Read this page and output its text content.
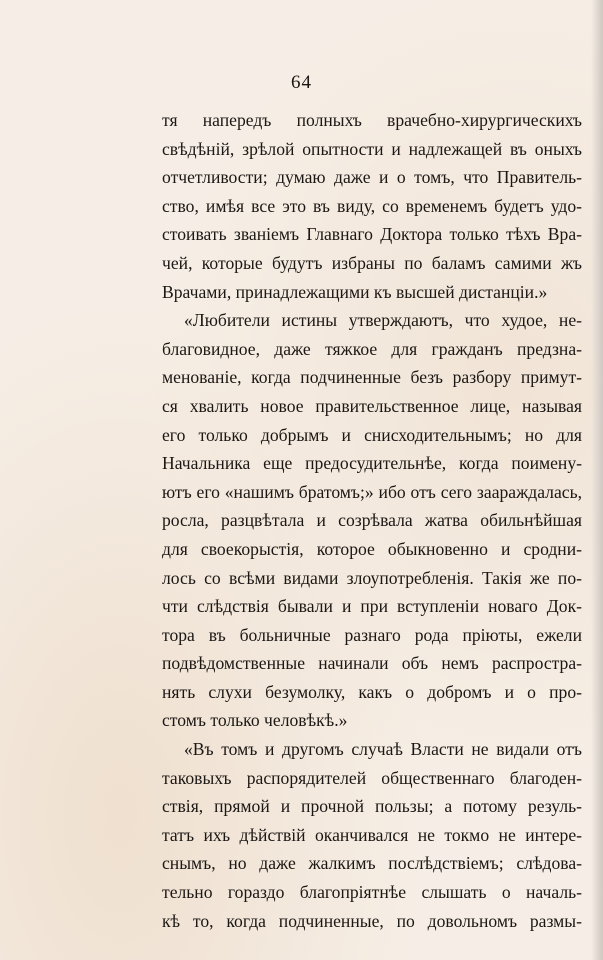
64
тя напередъ полныхъ врачебно-хирургическихъ
свѣдѣній, зрѣлой опытности и надлежащей въ оныхъ
отчетливости; думаю даже и о томъ, что Правитель-
ство, имѣя все это въ виду, со временемъ будетъ удо-
стоивать званіемъ Главнаго Доктора только тѣхъ Вра-
чей, которые будутъ избраны по баламъ самими жъ
Врачами, принадлежащими къ высшей дистанціи.»
«Любители истины утверждаютъ, что худое, не-
благовидное, даже тяжкое для гражданъ предзна-
менованіе, когда подчиненные безъ разбору примут-
ся хвалить новое правительственное лице, называя
его только добрымъ и снисходительнымъ; но для
Начальника еще предосудительнѣе, когда поимену-
ютъ его «нашимъ братомъ;» ибо отъ сего заараждалась,
росла, разцвѣтала и созрѣвала жатва обильнѣйшая
для своекорыстія, которое обыкновенно и сродни-
лось со всѣми видами злоупотребленія. Такія же по-
чти слѣдствія бывали и при вступленіи новаго Док-
тора въ больничные разнаго рода пріюты, ежели
подвѣдомственные начинали объ немъ распростра-
нять слухи безумолку, какъ о добромъ и о про-
стомъ только человѣкѣ.»
«Въ томъ и другомъ случаѣ Власти не видали отъ
таковыхъ распорядителей общественнаго благоден-
ствія, прямой и прочной пользы; а потому резуль-
татъ ихъ дѣйствій оканчивался не токмо не интере-
снымъ, но даже жалкимъ послѣдствіемъ; слѣдова-
тельно гораздо благопріятнѣе слышать о началь-
кѣ то, когда подчиненные, по довольномъ размы-
